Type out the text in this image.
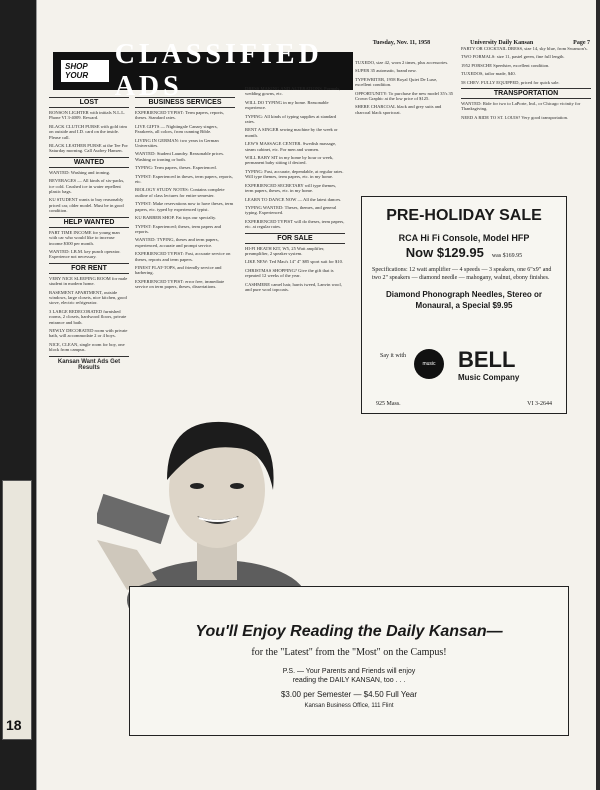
18
Tuesday, Nov. 11, 1958	University Daily Kansan	Page 7
SHOP YOUR
CLASSIFIED ADS
LOST
RONSON LIGHTER with initials N.L.L. Phone VI 3-4009. Reward.
BLACK CLUTCH PURSE with gold trim on outside and I.D. card on the inside. Please call.
BLACK LEATHER PURSE at the Tee For Saturday morning. Call Audrey Hansen.
WANTED
WANTED: Washing and ironing.
BEVERAGES — All kinds of six-packs, ice cold. Crushed ice in water repellent plastic bags.
KU STUDENT wants to buy reasonably priced car, older model. Must be in good condition.
HELP WANTED
PART TIME INCOME for young man with car who would like to increase income $300 per month.
WANTED: LB.M. key punch operator. Experience not necessary.
FOR RENT
VERY NICE SLEEPING ROOM for male student in modern home.
BASEMENT APARTMENT, outside windows, large closets, nice kitchen, good stove, electric refrigerator.
3 LARGE REDECORATED furnished rooms, 2 closets, hardwood floors, private entrance and bath.
NEWLY DECORATED room with private bath, will accommodate 2 or 4 boys.
NICE, CLEAN, single room for boy, one block from campus.
Kansan Want Ads Get Results
BUSINESS SERVICES
EXPERIENCED TYPIST: Term papers, reports, theses. Standard rates.
LIVE GIFTS — Nightingale Canary singers, Parakeets, all colors, from cunning Bible.
LIVING IN GERMAN: two years in German Universities.
WANTED: Student Laundry. Reasonable prices. Washing or ironing or both.
TYPING: Term papers, theses. Experienced.
TYPIST: Experienced in theses, term papers, reports, etc.
BIOLOGY STUDY NOTES: Contains complete outline of class lectures for entire semester.
TYPIST: Make reservations now to have theses, term papers, etc. typed by experienced typist.
KU BARBER SHOP. Fat tops our specialty.
TYPIST: Experienced; theses, term papers and reports.
WANTED: TYPING, theses and term papers, experienced, accurate and prompt service.
EXPERIENCED TYPIST: Fast, accurate service on theses, reports and term papers.
FINEST FLAT-TOPS, and friendly service and barbering.
EXPERIENCED TYPIST: error free, immediate service on term papers, theses, dissertations.
DRESS MAKING AND ALTERATIONS. Formals, wedding gowns, etc.
WILL DO TYPING in my home. Reasonable experience.
TYPING: All kinds of typing supplies at standard rates.
RENT A SINGER sewing machine by the week or month.
LEW'S MASSAGE CENTER. Swedish massage, steam cabinet, etc. For men and women.
WILL BABY SIT in my home by hour or week, permanent baby sitting if desired.
TYPING: Fast, accurate, dependable, at regular rates. Will type themes, term papers, etc. in my home.
EXPERIENCED SECRETARY will type themes, term papers, theses, etc. in my home.
LEARN TO DANCE NOW — All the latest dances.
TYPING WANTED: Theses, themes, and general typing. Experienced.
EXPERIENCED TYPIST will do theses, term papers, etc. at regular rates.
FOR SALE
HI-FI HEATH KIT, W5, 25 Watt amplifier, preamplifier, 2 speaker system.
LIKE NEW: Ted Mau's 14" 4" $85 sport suit for $10.
CHRISTMAS SHOPPING? Give the gift that is repeated 12 weeks of the year.
CASHMERE camel hair, harris tweed, Lanvin wool, and pure wool topcoats.
TUXEDO, size 42, worn 2 times, plus accessories.
SUPER 35 automatic, brand new.
TYPEWRITER, 1958 Royal Quiet De Luxe, excellent condition.
OPPORTUNITY: To purchase the new model 35's 35 Crown Graphic at the low price of $125.
SHERE CHARCOAL black and grey suits and charcoal black sportcoat.
PARTY OR COCKTAIL DRESS, size 14, sky blue, from Swanson's.
TWO FORMALS: size 11, pastel green, fine full length.
1952 PORSCHE Speedster, excellent condition.
TUXEDOS, tailor made, $40.
58 CHEV. FULLY EQUIPPED, priced for quick sale.
TRANSPORTATION
WANTED: Ride for two to LaPorte, Ind., or Chicago vicinity for Thanksgiving.
NEED A RIDE TO ST. LOUIS? Very good transportation.
PRE-HOLIDAY SALE
RCA Hi Fi Console, Model HFP
Now $129.95 was $169.95
Specifications: 12 watt amplifier — 4 speeds — 3 speakers, one 6"x9" and two 2" speakers — diamond needle — mahogany, walnut, ebony finishes.
Diamond Phonograph Needles, Stereo or
Monaural, a Special $9.95
Say it with
music BELL
Music Company
925 Mass.	VI 3-2644
You'll Enjoy Reading the Daily Kansan—
for the "Latest" from the "Most" on the Campus!
P.S. — Your Parents and Friends will enjoy
reading the DAILY KANSAN, too . . .
$3.00 per Semester — $4.50 Full Year
Kansan Business Office, 111 Flint
